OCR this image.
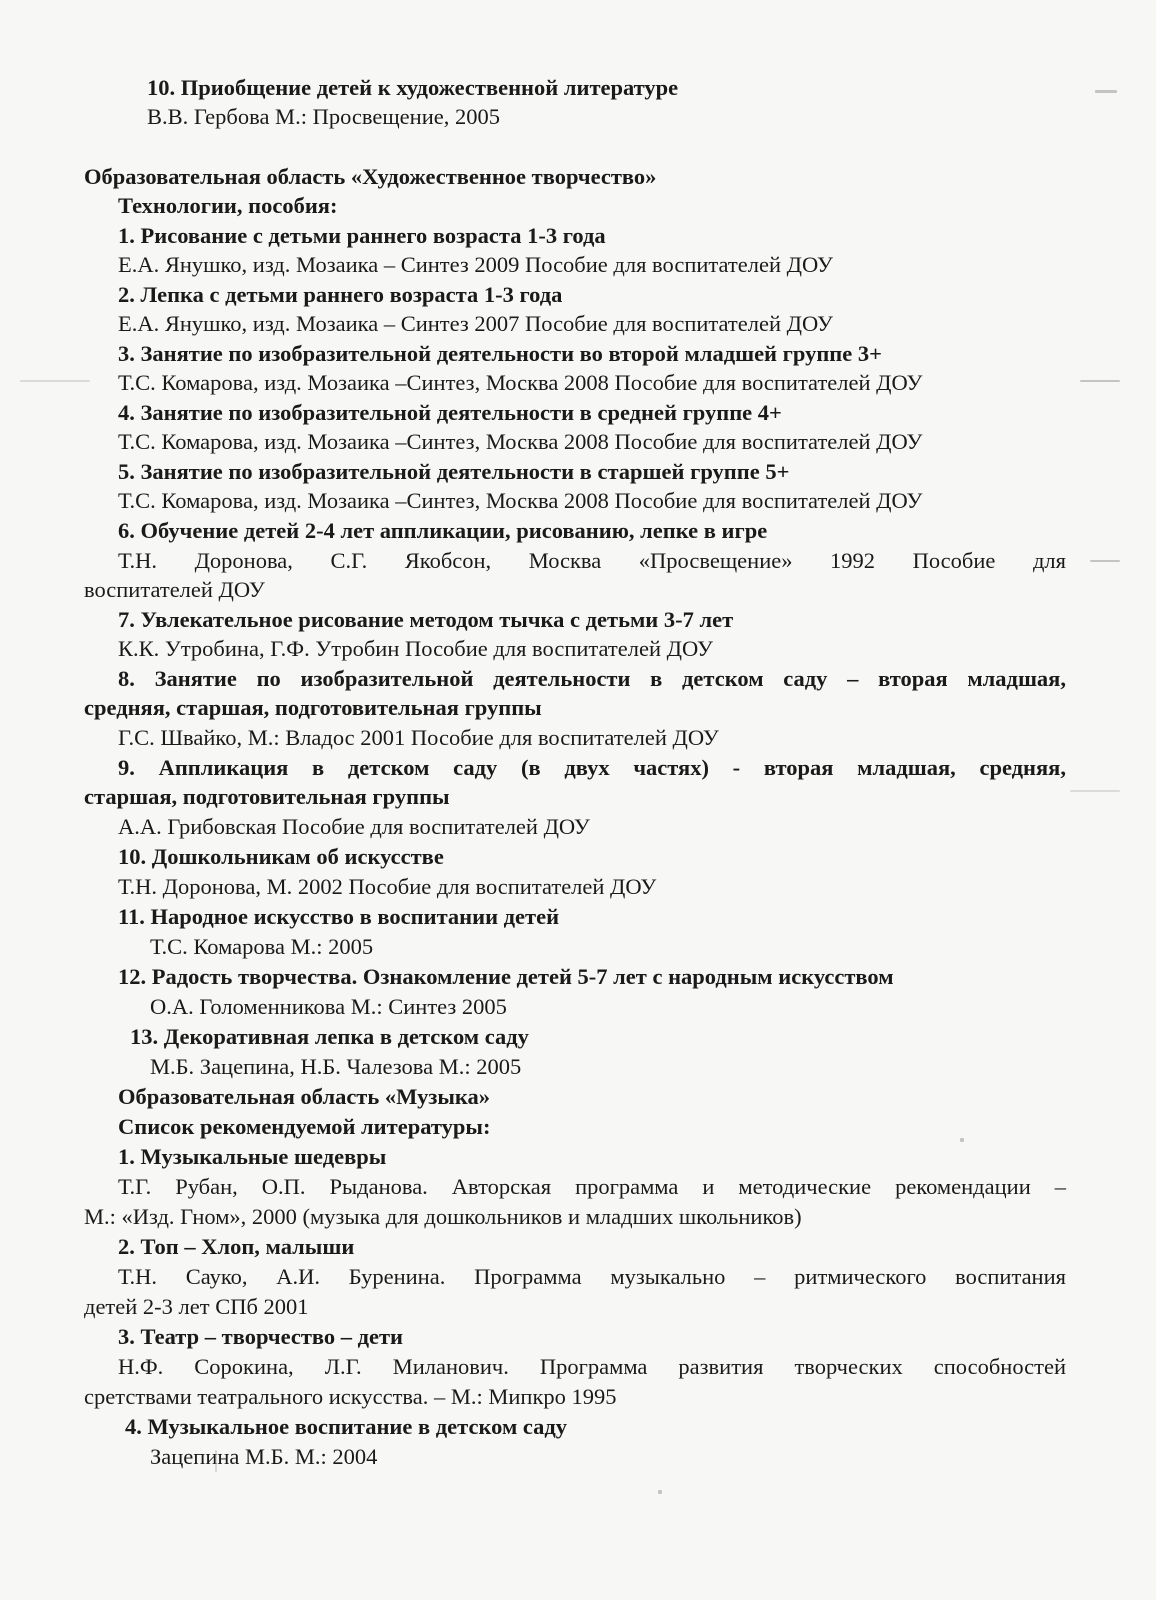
10. Приобщение детей к художественной литературе
В.В. Гербова М.: Просвещение, 2005
Образовательная область «Художественное творчество»
Технологии, пособия:
1. Рисование с детьми раннего возраста 1-3 года
Е.А. Янушко, изд. Мозаика – Синтез 2009 Пособие для воспитателей ДОУ
2. Лепка с детьми раннего возраста 1-3 года
Е.А. Янушко, изд. Мозаика – Синтез 2007 Пособие для воспитателей ДОУ
3. Занятие по изобразительной деятельности во второй младшей группе 3+
Т.С. Комарова, изд. Мозаика –Синтез, Москва 2008 Пособие для воспитателей ДОУ
4. Занятие по изобразительной деятельности в средней группе 4+
Т.С. Комарова, изд. Мозаика –Синтез, Москва 2008 Пособие для воспитателей ДОУ
5. Занятие по изобразительной деятельности в старшей группе 5+
Т.С. Комарова, изд. Мозаика –Синтез, Москва 2008 Пособие для воспитателей ДОУ
6. Обучение детей 2-4 лет аппликации, рисованию, лепке в игре
Т.Н. Доронова, С.Г. Якобсон, Москва «Просвещение» 1992 Пособие для
воспитателей ДОУ
7. Увлекательное рисование методом тычка с детьми 3-7 лет
К.К. Утробина, Г.Ф. Утробин Пособие для воспитателей ДОУ
8. Занятие по изобразительной деятельности в детском саду – вторая младшая,
средняя, старшая, подготовительная группы
Г.С. Швайко, М.: Владос 2001 Пособие для воспитателей ДОУ
9. Аппликация в детском саду (в двух частях) - вторая младшая, средняя,
старшая, подготовительная группы
А.А. Грибовская Пособие для воспитателей ДОУ
10. Дошкольникам об искусстве
Т.Н. Доронова, М. 2002 Пособие для воспитателей ДОУ
11. Народное искусство в воспитании детей
Т.С. Комарова М.: 2005
12. Радость творчества. Ознакомление детей 5-7 лет с народным искусством
О.А. Голоменникова М.: Синтез 2005
13. Декоративная лепка в детском саду
М.Б. Зацепина, Н.Б. Чалезова М.: 2005
Образовательная область «Музыка»
Список рекомендуемой литературы:
1. Музыкальные шедевры
Т.Г. Рубан, О.П. Рыданова. Авторская программа и методические рекомендации –
М.: «Изд. Гном», 2000 (музыка для дошкольников и младших школьников)
2. Топ – Хлоп, малыши
Т.Н. Сауко, А.И. Буренина. Программа музыкально – ритмического воспитания
детей 2-3 лет СПб 2001
3. Театр – творчество – дети
Н.Ф. Сорокина, Л.Г. Миланович. Программа развития творческих способностей
сретствами театрального искусства. – М.: Мипкро 1995
4. Музыкальное воспитание в детском саду
Зацепина М.Б. М.: 2004
